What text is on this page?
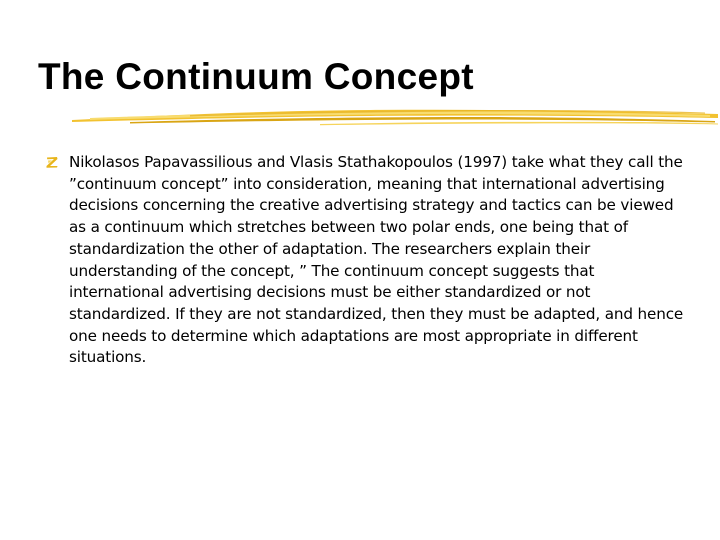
The Continuum Concept

Nikolasos Papavassilious and Vlasis Stathakopoulos (1997) take what they call the ”continuum concept” into consideration, meaning that international advertising decisions concerning the creative advertising strategy and tactics can be viewed as a continuum which stretches between two polar ends, one being that of standardization the other of adaptation. The researchers explain their understanding of the concept, ” The continuum concept suggests that international advertising decisions must be either standardized or not standardized. If they are not standardized, then they must be adapted, and hence one needs to determine which adaptations are most appropriate in different situations.
